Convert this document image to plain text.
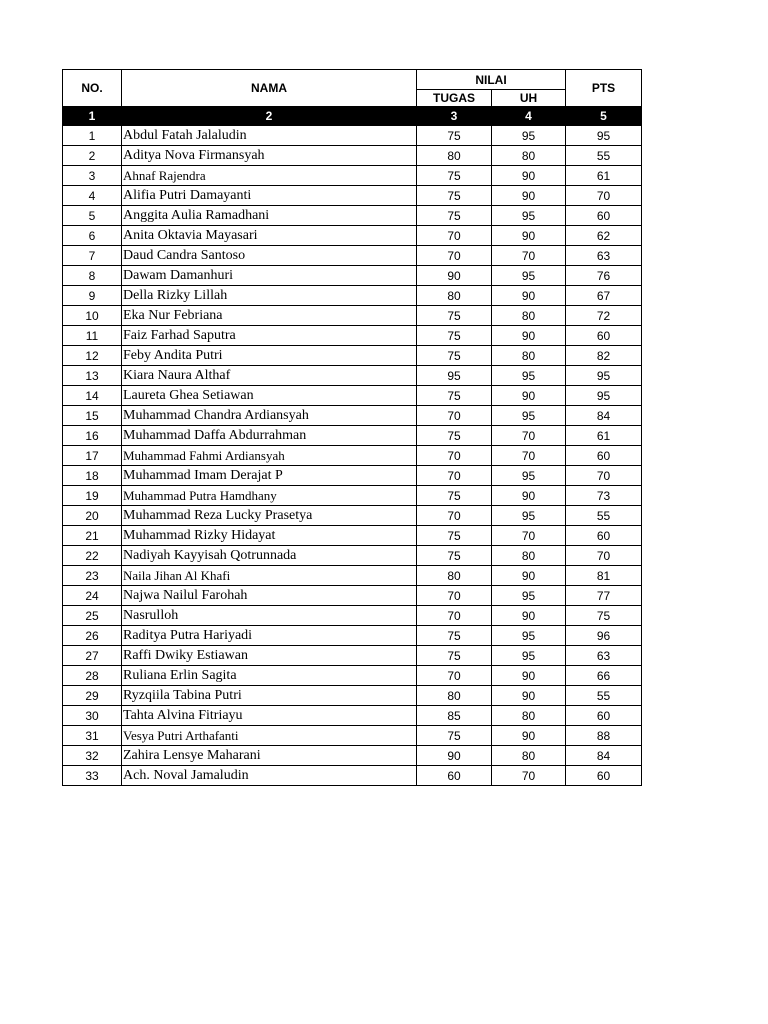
NO.	NAMA	NILAI		PTS
		TUGAS	UH	
1	2	3	4	5
1	Abdul Fatah Jalaludin	75	95	95
2	Aditya Nova Firmansyah	80	80	55
3	Ahnaf Rajendra	75	90	61
4	Alifia Putri Damayanti	75	90	70
5	Anggita Aulia Ramadhani	75	95	60
6	Anita Oktavia Mayasari	70	90	62
7	Daud Candra Santoso	70	70	63
8	Dawam Damanhuri	90	95	76
9	Della Rizky Lillah	80	90	67
10	Eka Nur Febriana	75	80	72
11	Faiz Farhad Saputra	75	90	60
12	Feby Andita Putri	75	80	82
13	Kiara Naura Althaf	95	95	95
14	Laureta Ghea Setiawan	75	90	95
15	Muhammad Chandra Ardiansyah	70	95	84
16	Muhammad Daffa Abdurrahman	75	70	61
17	Muhammad Fahmi Ardiansyah	70	70	60
18	Muhammad Imam Derajat P	70	95	70
19	Muhammad Putra Hamdhany	75	90	73
20	Muhammad Reza Lucky Prasetya	70	95	55
21	Muhammad Rizky Hidayat	75	70	60
22	Nadiyah Kayyisah Qotrunnada	75	80	70
23	Naila Jihan Al Khafi	80	90	81
24	Najwa Nailul Farohah	70	95	77
25	Nasrulloh	70	90	75
26	Raditya Putra Hariyadi	75	95	96
27	Raffi Dwiky Estiawan	75	95	63
28	Ruliana Erlin Sagita	70	90	66
29	Ryzqiila Tabina Putri	80	90	55
30	Tahta Alvina Fitriayu	85	80	60
31	Vesya Putri Arthafanti	75	90	88
32	Zahira Lensye Maharani	90	80	84
33	Ach. Noval Jamaludin	60	70	60
